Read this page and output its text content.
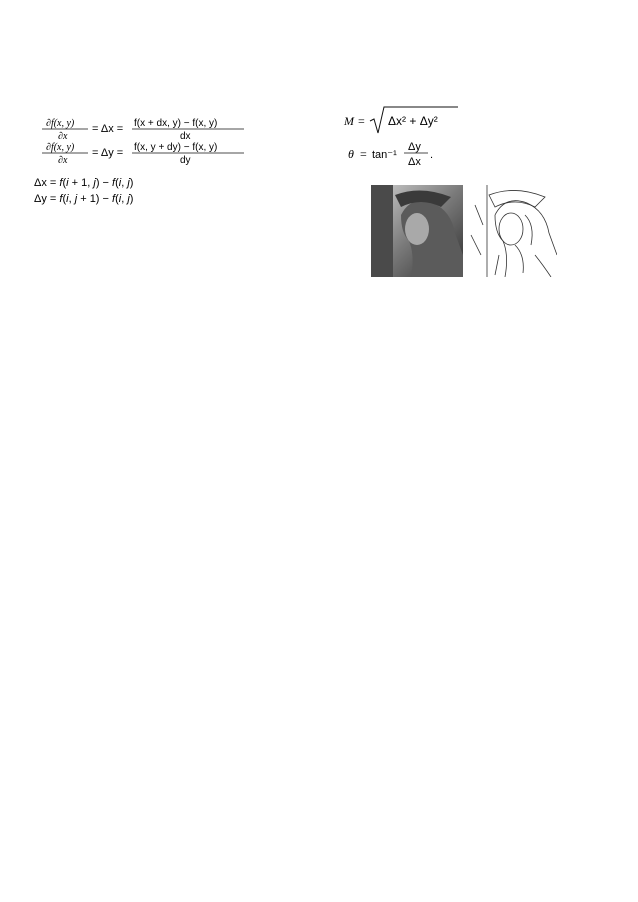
∂f(x, y)
∂x
= Δx = f(x + dx, y) − f(x, y)
dx
∂f(x, y)
∂x
= Δy = f(x, y + dy) − f(x, y)
dy

Δx = f(i + 1, j) − f(i, j)
Δy = f(i, j + 1) − f(i, j)

M = Δx² + Δy²

θ = tan⁻¹
Δy
Δx
.
